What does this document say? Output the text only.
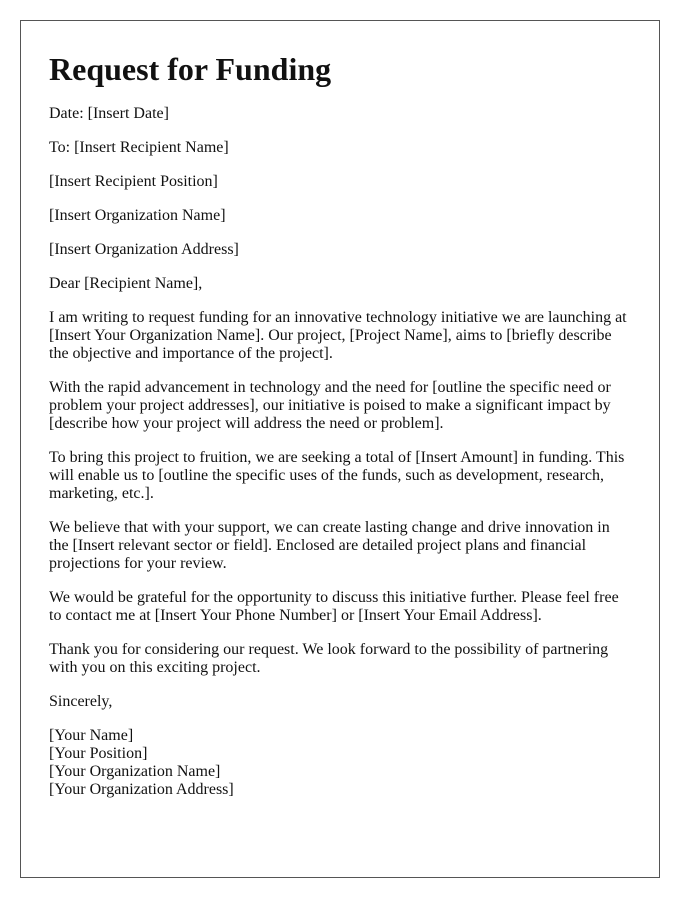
Request for Funding

Date: [Insert Date]

To: [Insert Recipient Name]

[Insert Recipient Position]

[Insert Organization Name]

[Insert Organization Address]

Dear [Recipient Name],

I am writing to request funding for an innovative technology initiative we are launching at [Insert Your Organization Name]. Our project, [Project Name], aims to [briefly describe the objective and importance of the project].

With the rapid advancement in technology and the need for [outline the specific need or problem your project addresses], our initiative is poised to make a significant impact by [describe how your project will address the need or problem].

To bring this project to fruition, we are seeking a total of [Insert Amount] in funding. This will enable us to [outline the specific uses of the funds, such as development, research, marketing, etc.].

We believe that with your support, we can create lasting change and drive innovation in the [Insert relevant sector or field]. Enclosed are detailed project plans and financial projections for your review.

We would be grateful for the opportunity to discuss this initiative further. Please feel free to contact me at [Insert Your Phone Number] or [Insert Your Email Address].

Thank you for considering our request. We look forward to the possibility of partnering with you on this exciting project.

Sincerely,

[Your Name]
[Your Position]
[Your Organization Name]
[Your Organization Address]
